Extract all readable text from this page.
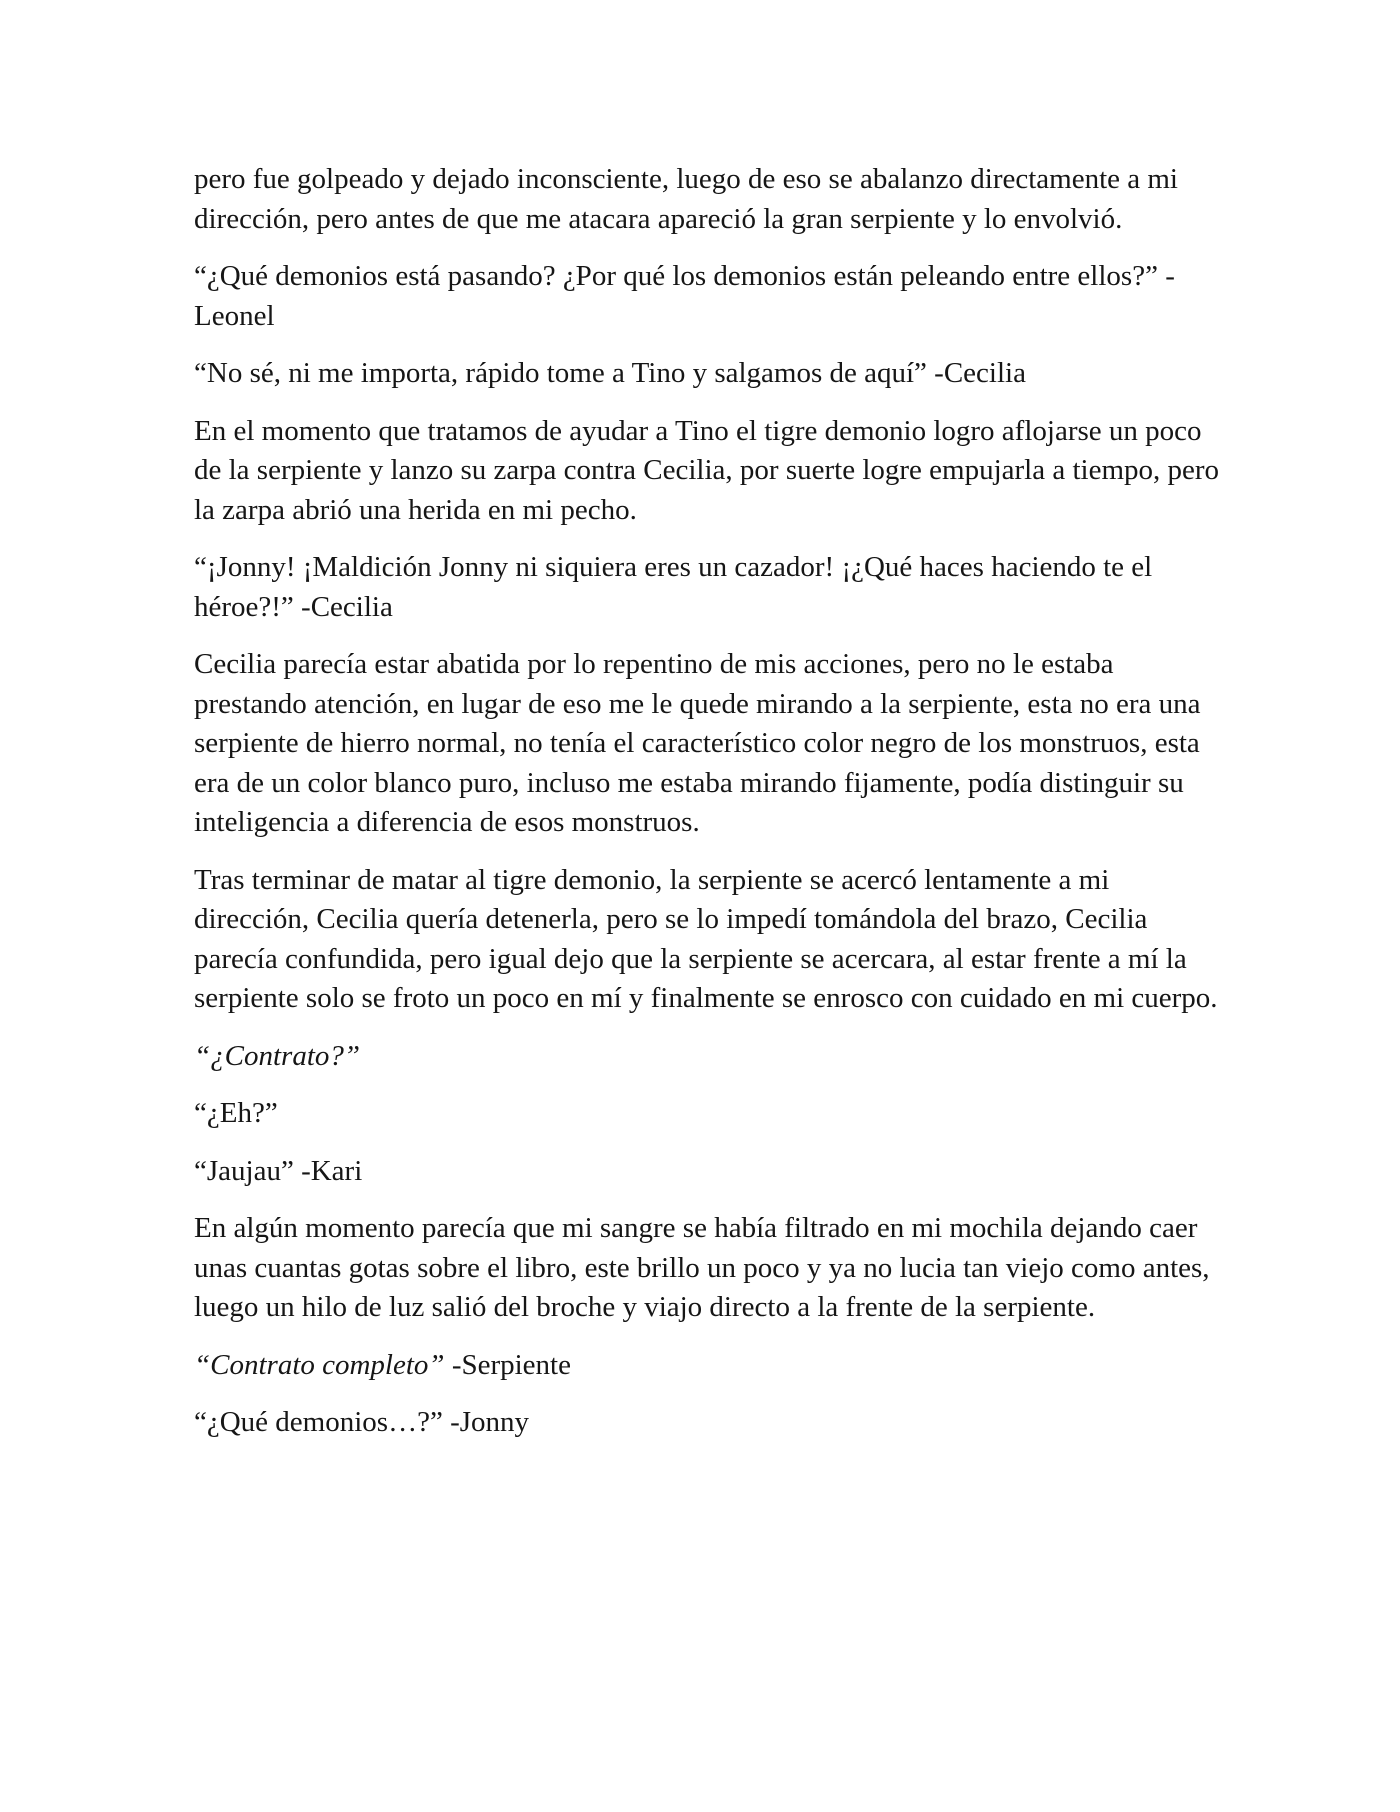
pero fue golpeado y dejado inconsciente, luego de eso se abalanzo directamente a mi dirección, pero antes de que me atacara apareció la gran serpiente y lo envolvió.

“¿Qué demonios está pasando? ¿Por qué los demonios están peleando entre ellos?” -Leonel

“No sé, ni me importa, rápido tome a Tino y salgamos de aquí” -Cecilia

En el momento que tratamos de ayudar a Tino el tigre demonio logro aflojarse un poco de la serpiente y lanzo su zarpa contra Cecilia, por suerte logre empujarla a tiempo, pero la zarpa abrió una herida en mi pecho.

“¡Jonny! ¡Maldición Jonny ni siquiera eres un cazador! ¡¿Qué haces haciendo te el héroe?!” -Cecilia

Cecilia parecía estar abatida por lo repentino de mis acciones, pero no le estaba prestando atención, en lugar de eso me le quede mirando a la serpiente, esta no era una serpiente de hierro normal, no tenía el característico color negro de los monstruos, esta era de un color blanco puro, incluso me estaba mirando fijamente, podía distinguir su inteligencia a diferencia de esos monstruos.

Tras terminar de matar al tigre demonio, la serpiente se acercó lentamente a mi dirección, Cecilia quería detenerla, pero se lo impedí tomándola del brazo, Cecilia parecía confundida, pero igual dejo que la serpiente se acercara, al estar frente a mí la serpiente solo se froto un poco en mí y finalmente se enrosco con cuidado en mi cuerpo.

“¿Contrato?”

“¿Eh?”

“Jaujau” -Kari

En algún momento parecía que mi sangre se había filtrado en mi mochila dejando caer unas cuantas gotas sobre el libro, este brillo un poco y ya no lucia tan viejo como antes, luego un hilo de luz salió del broche y viajo directo a la frente de la serpiente.

“Contrato completo” -Serpiente

“¿Qué demonios…?” -Jonny
